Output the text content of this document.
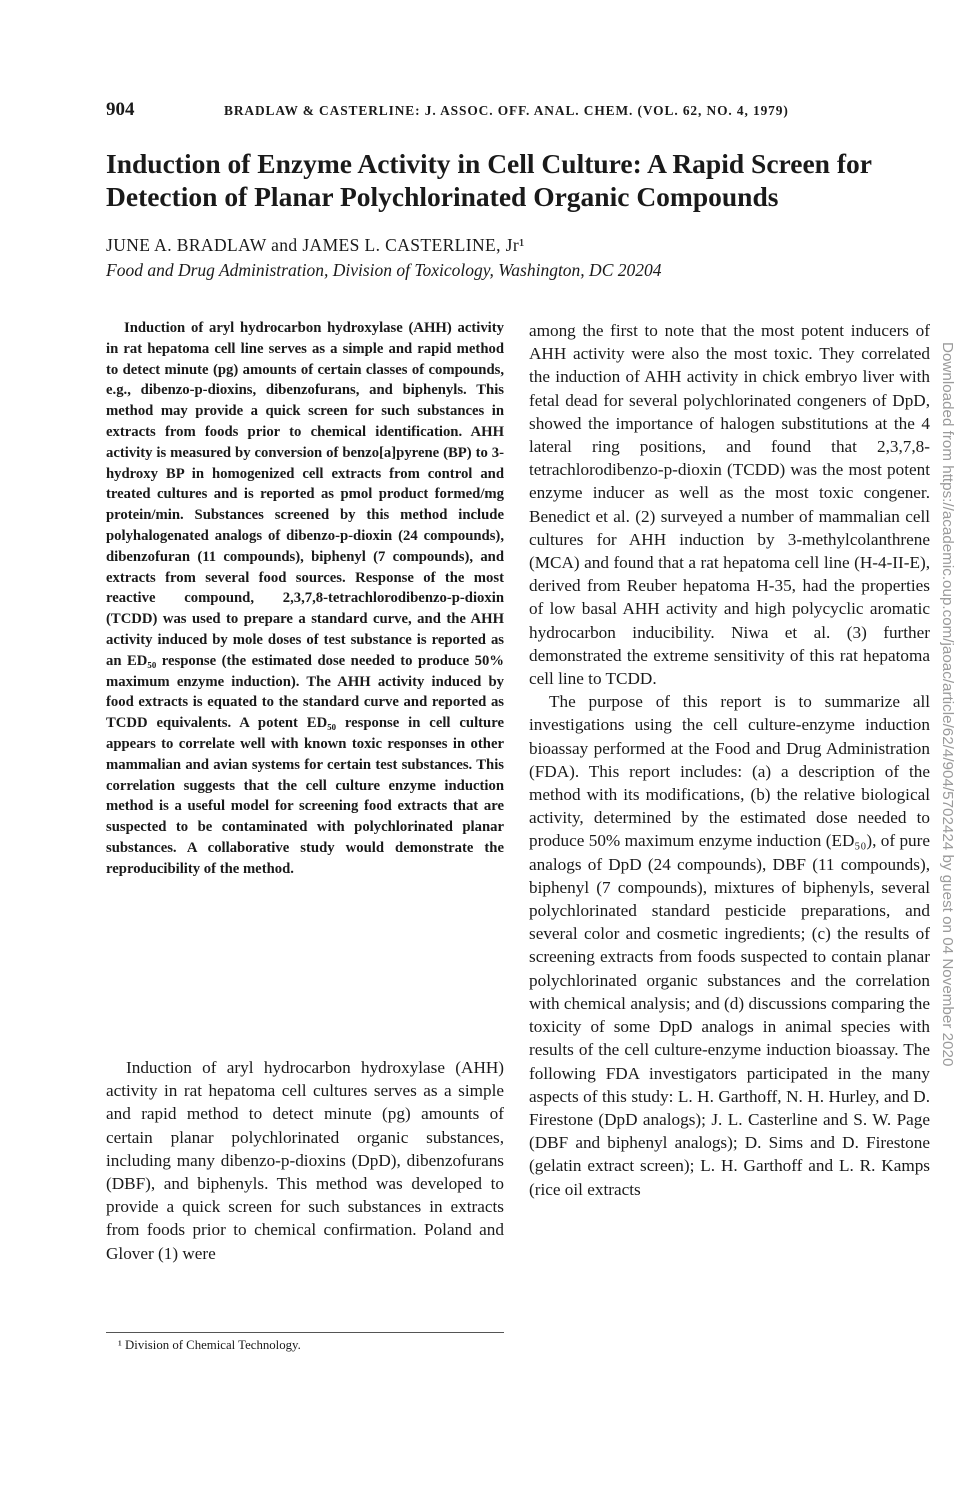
904	BRADLAW & CASTERLINE: J. ASSOC. OFF. ANAL. CHEM. (VOL. 62, NO. 4, 1979)
Induction of Enzyme Activity in Cell Culture: A Rapid Screen for Detection of Planar Polychlorinated Organic Compounds
JUNE A. BRADLAW and JAMES L. CASTERLINE, Jr¹
Food and Drug Administration, Division of Toxicology, Washington, DC 20204

Induction of aryl hydrocarbon hydroxylase (AHH) activity in rat hepatoma cell line serves as a simple and rapid method to detect minute (pg) amounts of certain classes of compounds, e.g., dibenzo-p-dioxins, dibenzofurans, and biphenyls. This method may provide a quick screen for such substances in extracts from foods prior to chemical identification. AHH activity is measured by conversion of benzo[a]pyrene (BP) to 3-hydroxy BP in homogenized cell extracts from control and treated cultures and is reported as pmol product formed/mg protein/min. Substances screened by this method include polyhalogenated analogs of dibenzo-p-dioxin (24 compounds), dibenzofuran (11 compounds), biphenyl (7 compounds), and extracts from several food sources. Response of the most reactive compound, 2,3,7,8-tetrachlorodibenzo-p-dioxin (TCDD) was used to prepare a standard curve, and the AHH activity induced by mole doses of test substance is reported as an ED₅₀ response (the estimated dose needed to produce 50% maximum enzyme induction). The AHH activity induced by food extracts is equated to the standard curve and reported as TCDD equivalents. A potent ED₅₀ response in cell culture appears to correlate well with known toxic responses in other mammalian and avian systems for certain test substances. This correlation suggests that the cell culture enzyme induction method is a useful model for screening food extracts that are suspected to be contaminated with polychlorinated planar substances. A collaborative study would demonstrate the reproducibility of the method.

Induction of aryl hydrocarbon hydroxylase (AHH) activity in rat hepatoma cell cultures serves as a simple and rapid method to detect minute (pg) amounts of certain planar polychlorinated organic substances, including many dibenzo-p-dioxins (DpD), dibenzofurans (DBF), and biphenyls. This method was developed to provide a quick screen for such substances in extracts from foods prior to chemical confirmation. Poland and Glover (1) were

among the first to note that the most potent inducers of AHH activity were also the most toxic. They correlated the induction of AHH activity in chick embryo liver with fetal dead for several polychlorinated congeners of DpD, showed the importance of halogen substitutions at the 4 lateral ring positions, and found that 2,3,7,8-tetrachlorodibenzo-p-dioxin (TCDD) was the most potent enzyme inducer as well as the most toxic congener. Benedict et al. (2) surveyed a number of mammalian cell cultures for AHH induction by 3-methylcolanthrene (MCA) and found that a rat hepatoma cell line (H-4-II-E), derived from Reuber hepatoma H-35, had the properties of low basal AHH activity and high polycyclic aromatic hydrocarbon inducibility. Niwa et al. (3) further demonstrated the extreme sensitivity of this rat hepatoma cell line to TCDD.

The purpose of this report is to summarize all investigations using the cell culture-enzyme induction bioassay performed at the Food and Drug Administration (FDA). This report includes: (a) a description of the method with its modifications, (b) the relative biological activity, determined by the estimated dose needed to produce 50% maximum enzyme induction (ED₅₀), of pure analogs of DpD (24 compounds), DBF (11 compounds), biphenyl (7 compounds), mixtures of biphenyls, several polychlorinated standard pesticide preparations, and several color and cosmetic ingredients; (c) the results of screening extracts from foods suspected to contain planar polychlorinated organic substances and the correlation with chemical analysis; and (d) discussions comparing the toxicity of some DpD analogs in animal species with results of the cell culture-enzyme induction bioassay. The following FDA investigators participated in the many aspects of this study: L. H. Garthoff, N. H. Hurley, and D. Firestone (DpD analogs); J. L. Casterline and S. W. Page (DBF and biphenyl analogs); D. Sims and D. Firestone (gelatin extract screen); L. H. Garthoff and L. R. Kamps (rice oil extracts

¹ Division of Chemical Technology.
Downloaded from https://academic.oup.com/jaoac/article/62/4/904/5702424 by guest on 04 November 2020
